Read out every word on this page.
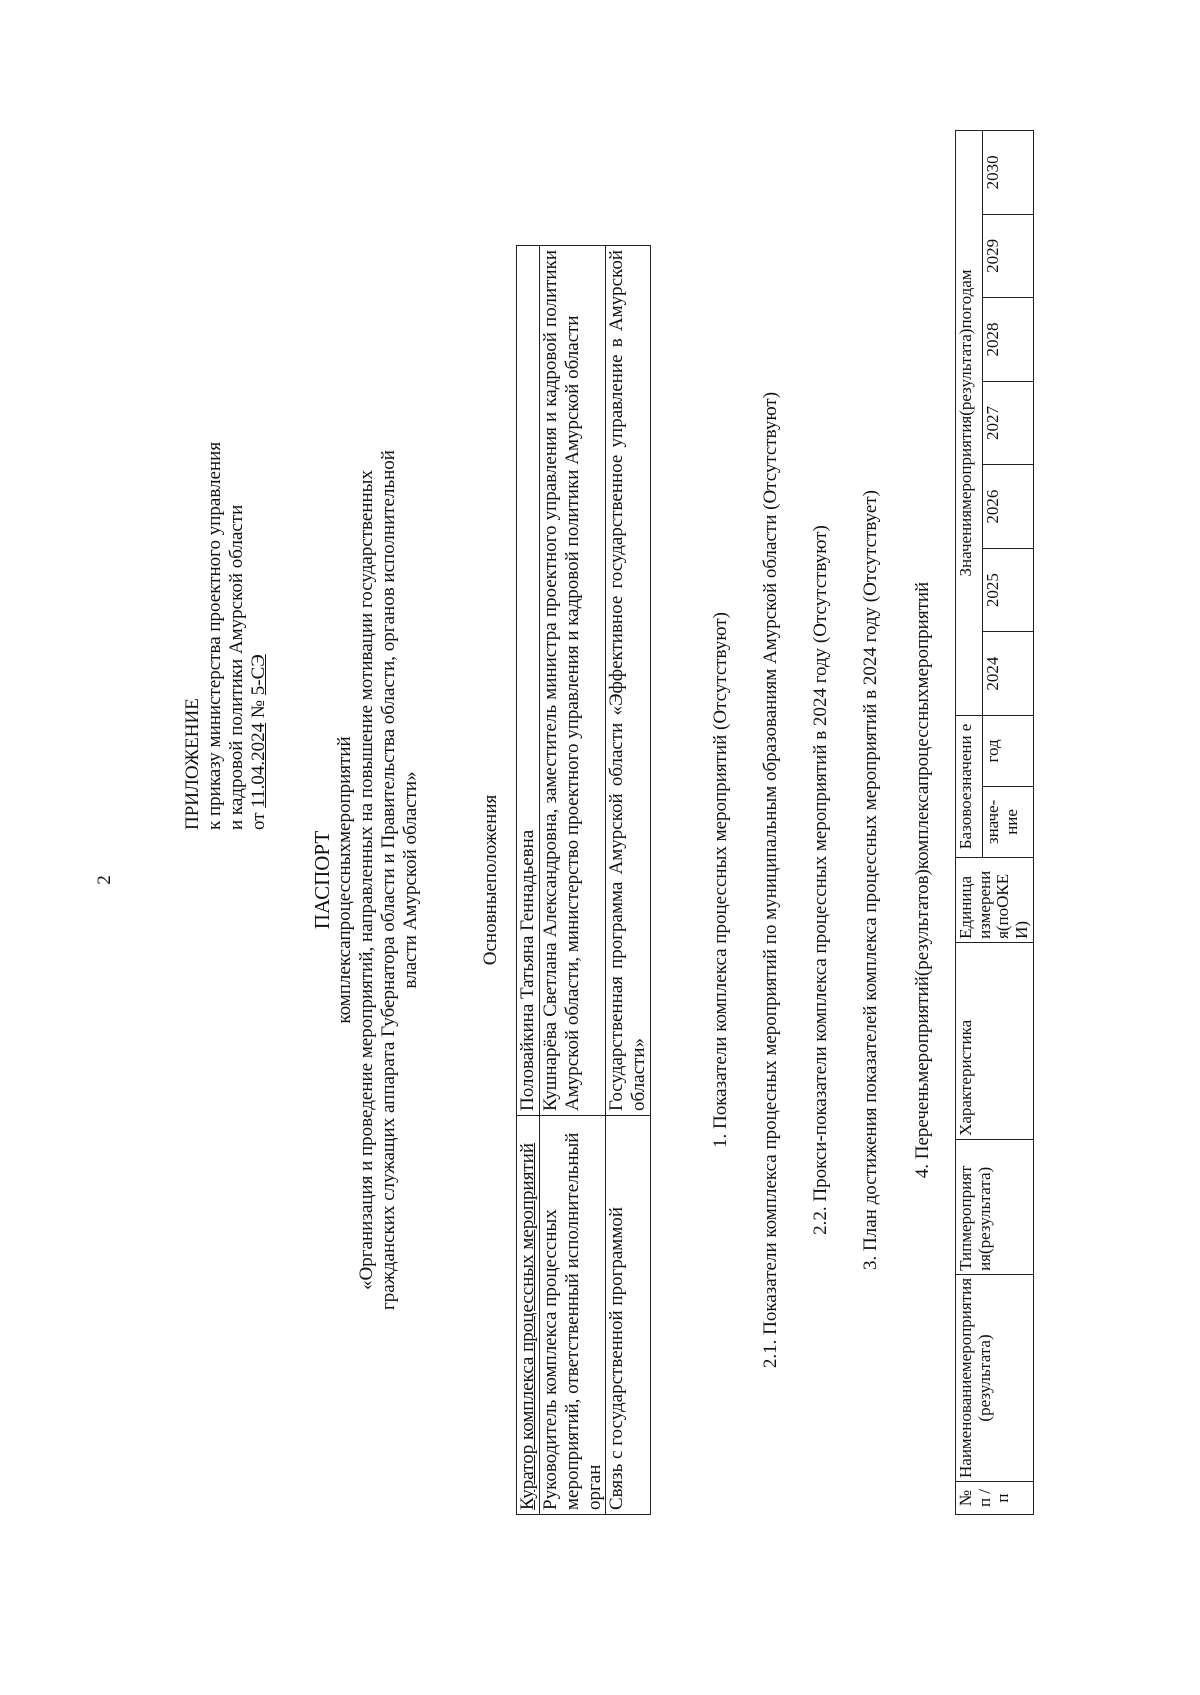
2
ПРИЛОЖЕНИЕ к приказу министерства проектного управления и кадровой политики Амурской области от 11.04.2024 № 5-СЭ
ПАСПОРТ комплексапроцессныхмероприятий «Организация и проведение мероприятий, направленных на повышение мотивации государственных гражданских служащих аппарата Губернатора области и Правительства области, органов исполнительной власти Амурской области»	Основныеположения
Куратор комплекса процессных мероприятий	Половайкина Татьяна Геннадьевна
Руководитель комплекса процессных мероприятий, ответственный исполнительный орган	Кушнарёва Светлана Александровна, заместитель министра проектного управления и кадровой политики Амурской области, министерство проектного управления и кадровой политики Амурской области
Связь с государственной программой	Государственная программа Амурской области «Эффективное государственное управление в Амурской области»	1. Показатели комплекса процессных мероприятий (Отсутствуют) 2.1. Показатели комплекса процесных мероприятий по муниципальным образованиям Амурской области (Отсутствуют) 2.2. Прокси-показатели комплекса процессных мероприятий в 2024 году (Отсутствуют) 3. План достижения показателей комплекса процессных мероприятий в 2024 году (Отсутствует) 4. Переченьмероприятий(результатов)комплексапроцессныхмероприятий
№ п / п	Наименованиемероприятия (результата)	Типмероприят ия(результата)	Характеристика	Единица измерени я(поОКЕ И)	Базовоезначени е		Значениямероприятия(результата)погодам						
					значе- ние	год	2024	2025	2026	2027	2028	2029	2030
